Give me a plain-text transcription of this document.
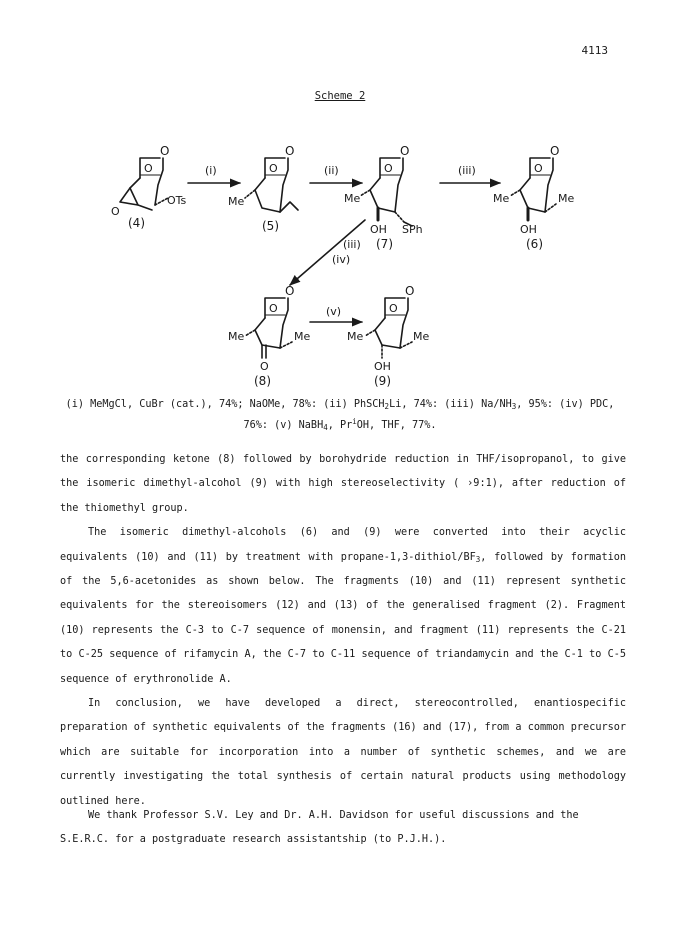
4113
Scheme 2
O
O
O
OTs
O
O
Me
O
O
Me
OH SPh
O
O
Me	Me
OH
O
O
Me	Me
O
O
O
Me	Me
OH
(i)	(ii)	(iii)
(iii)
(iv)
(v)
(4)	(5)
(7)	(6)
(8)	(9)
(i) MeMgCl, CuBr (cat.), 74%; NaOMe, 78%: (ii) PhSCH$_2$Li, 74%: (iii) $Na/NH_3$, 95%: (iv) PDC,
76%: (v) NaBH$_4$, Pr$^i$OH, THF, 77%.

the corresponding ketone (8) followed by borohydride reduction in THF/isopropanol, to give the isomeric dimethyl-alcohol (9) with high stereoselectivity ( ›9:1), after reduction of the thiomethyl group.

The isomeric dimethyl-alcohols (6) and (9) were converted into their acyclic equivalents (10) and (11) by treatment with propane-$1,3-dithiol/BF_3$, followed by formation of the 5,6-acetonides as shown below. The fragments (10) and (11) represent synthetic equivalents for the stereoisomers (12) and (13) of the generalised fragment (2). Fragment (10) represents the C-3 to C-7 sequence of monensin, and fragment (11) represents the C-21 to C-25 sequence of rifamycin A, the C-7 to C-11 sequence of triandamycin and the C-1 to C-5 sequence of erythronolide A.

In conclusion, we have developed a direct, stereocontrolled, enantiospecific preparation of synthetic equivalents of the fragments (16) and (17), from a common precursor which are suitable for incorporation into a number of synthetic schemes, and we are currently investigating the total synthesis of certain natural products using methodology outlined here.

We thank Professor S.V. Ley and Dr. A.H. Davidson for useful discussions and the S.E.R.C. for a postgraduate research assistantship (to P.J.H.).
